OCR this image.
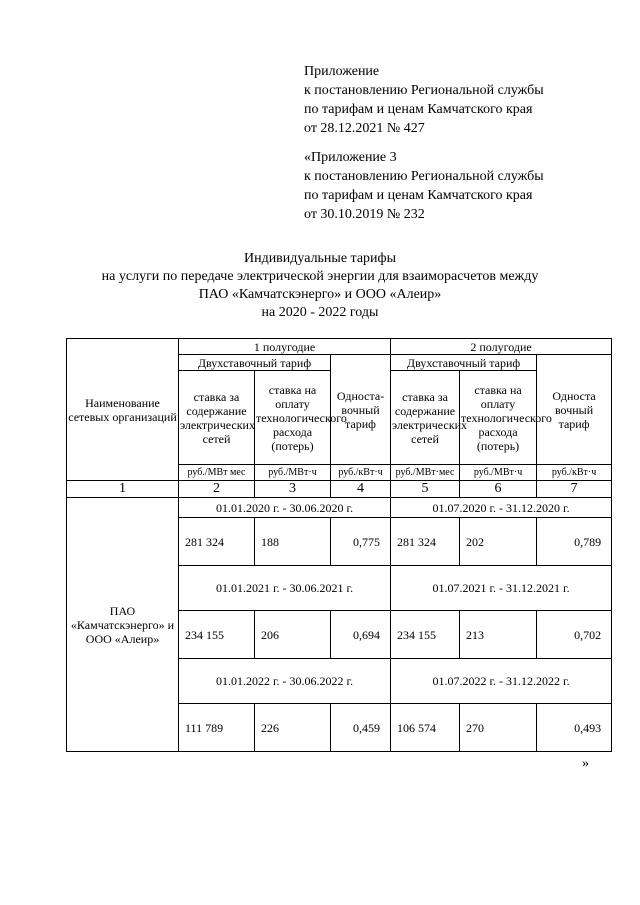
Приложение
к постановлению Региональной службы
по тарифам и ценам Камчатского края
от 28.12.2021 № 427
«Приложение 3
к постановлению Региональной службы
по тарифам и ценам Камчатского края
от 30.10.2019 № 232
Индивидуальные тарифы
на услуги по передаче электрической энергии для взаиморасчетов между
ПАО «Камчатскэнерго» и ООО «Алеир»
на 2020 - 2022 годы
Наименование сетевых организаций	1 полугодие			2 полугодие		
	Двухставочный тариф		Односта-вочный тариф	Двухставочный тариф		Односта вочный тариф
	ставка за содержание электрических сетей	ставка на оплату технологического расхода (потерь)		ставка за содержание электрических сетей	ставка на оплату технологического расхода (потерь)	
	руб./МВт мес	руб./МВт·ч	руб./кВт·ч	руб./МВт·мес	руб./МВт·ч	руб./кВт·ч
1	2	3	4	5	6	7
ПАО «Камчатскэнерго» и ООО «Алеир»	01.01.2020 г. - 30.06.2020 г.			01.07.2020 г. - 31.12.2020 г.		
	281 324	188	0,775	281 324	202	0,789
	01.01.2021 г. - 30.06.2021 г.			01.07.2021 г. - 31.12.2021 г.		
	234 155	206	0,694	234 155	213	0,702
	01.01.2022 г. - 30.06.2022 г.			01.07.2022 г. - 31.12.2022 г.		
	111 789	226	0,459	106 574	270	0,493
»
